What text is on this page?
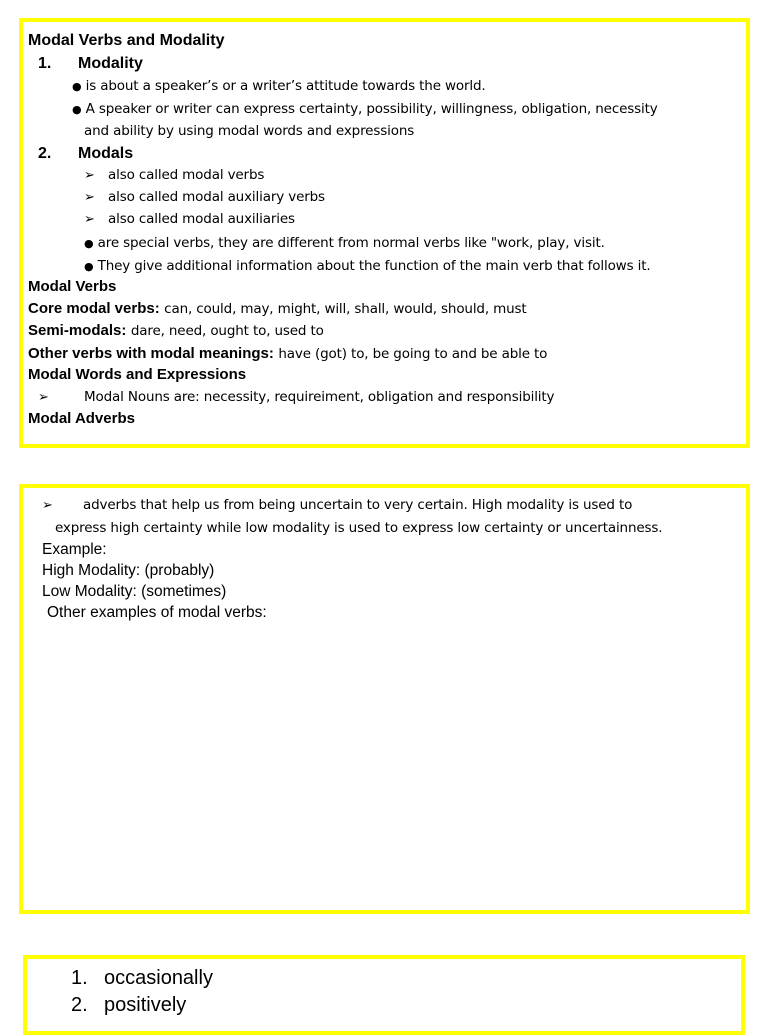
Modal Verbs and Modality
1. Modality
● is about a speaker’s or a writer’s attitude towards the world.
● A speaker or writer can express certainty, possibility, willingness, obligation, necessity
and ability by using modal words and expressions
2. Modals
➢ also called modal verbs
➢ also called modal auxiliary verbs
➢ also called modal auxiliaries
● are special verbs, they are different from normal verbs like "work, play, visit.
● They give additional information about the function of the main verb that follows it.
Modal Verbs
Core modal verbs: can, could, may, might, will, shall, would, should, must
Semi-modals: dare, need, ought to, used to
Other verbs with modal meanings: have (got) to, be going to and be able to
Modal Words and Expressions
➢	Modal Nouns are: necessity, requireiment, obligation and responsibility
Modal Adverbs
➢ adverbs that help us from being uncertain to very certain. High modality is used to
express high certainty while low modality is used to express low certainty or uncertainness.
Example:
High Modality: (probably)
Low Modality: (sometimes)
Other examples of modal verbs:
1. occasionally
2. positively
